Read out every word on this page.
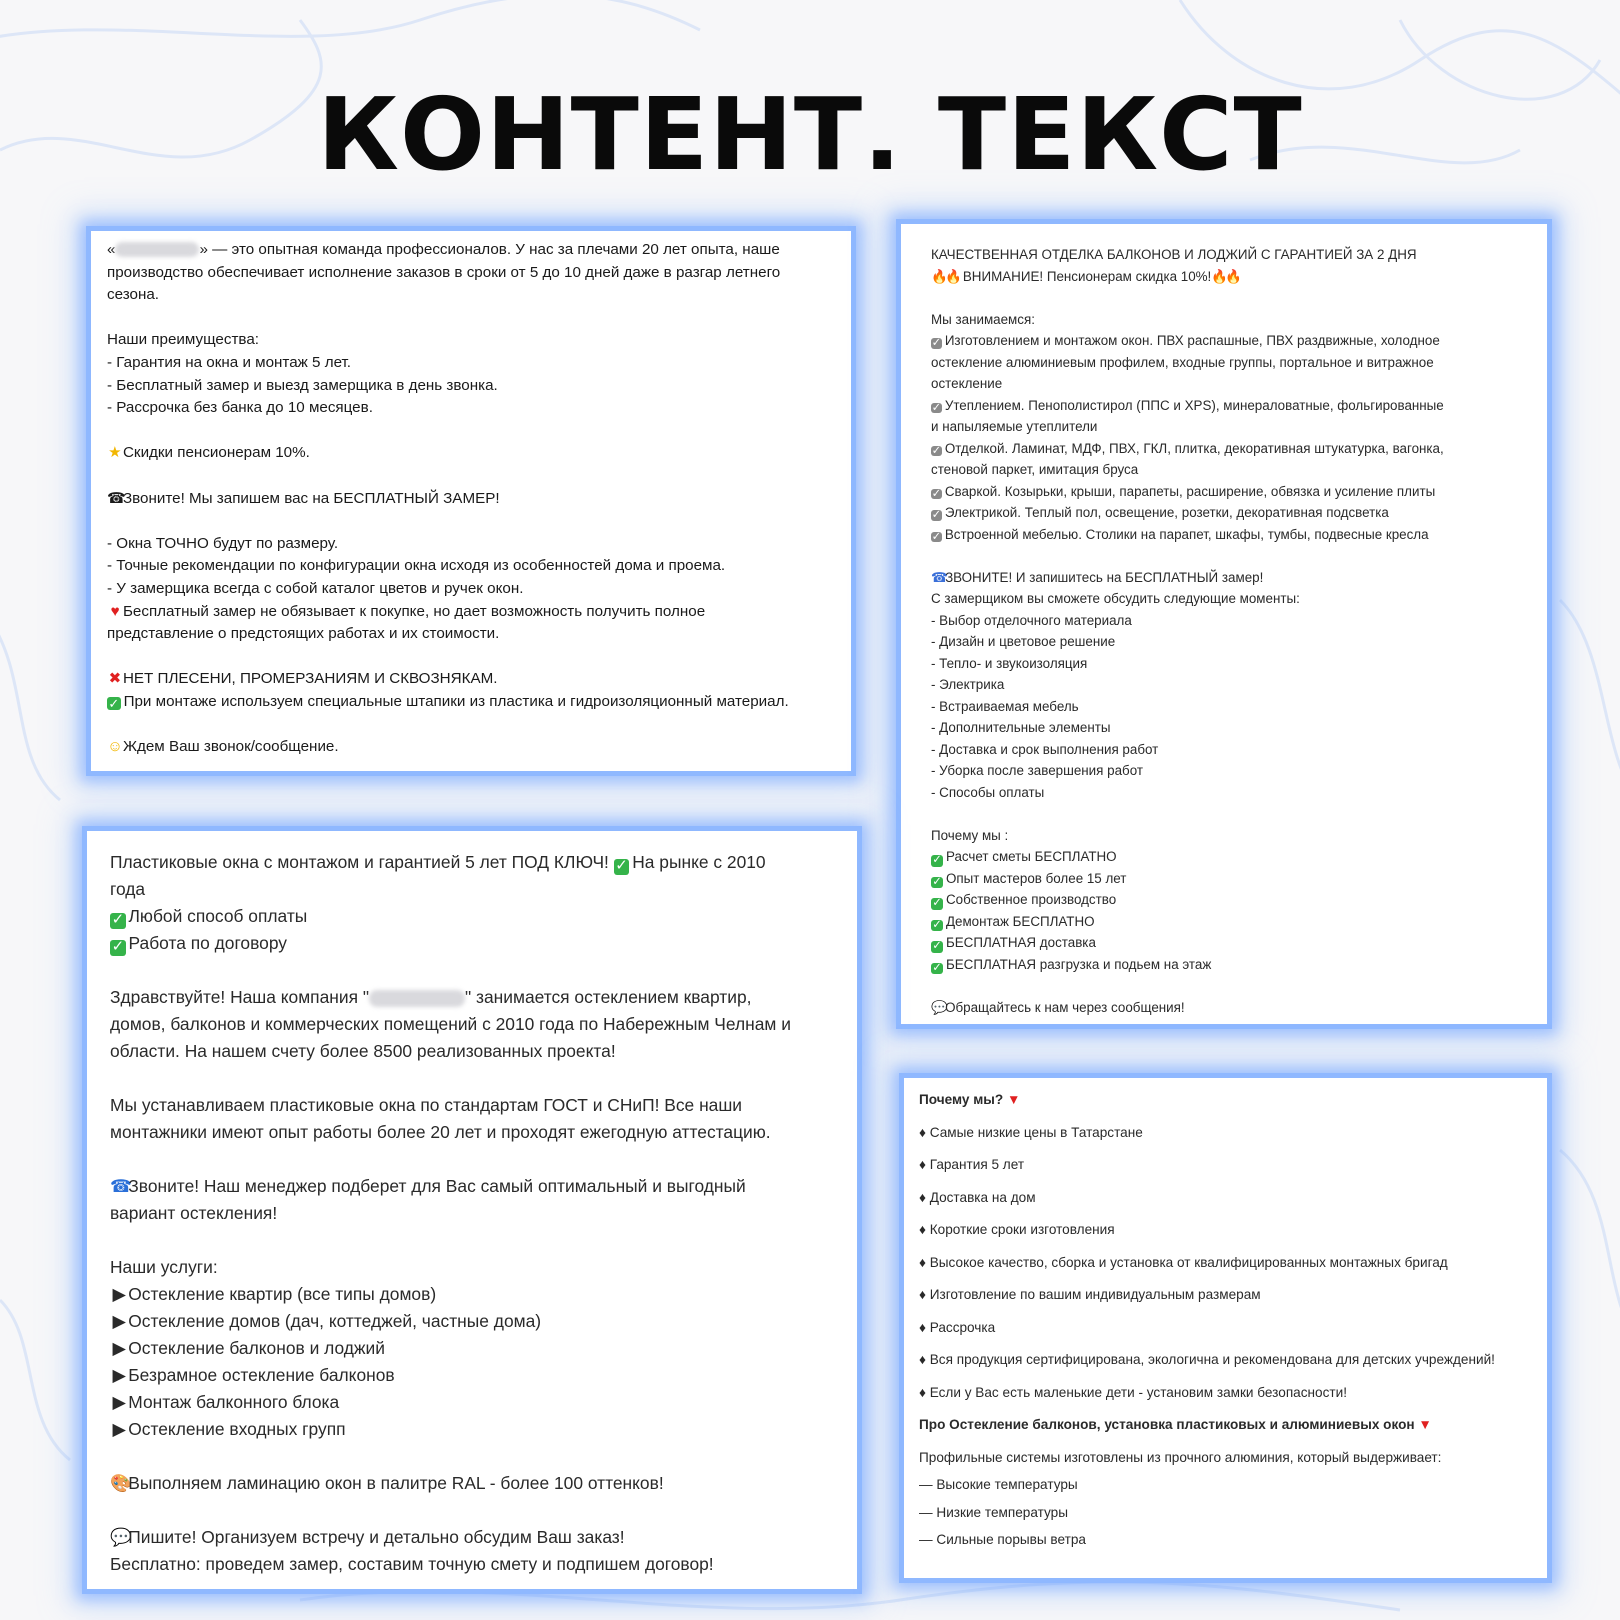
КОНТЕНТ. ТЕКСТ
«	» — это опытная команда профессионалов. У нас за плечами 20 лет опыта, наше
производство обеспечивает исполнение заказов в сроки от 5 до 10 дней даже в разгар летнего
сезона.
Наши преимущества:
- Гарантия на окна и монтаж 5 лет.
- Бесплатный замер и выезд замерщика в день звонка.
- Рассрочка без банка до 10 месяцев.
★Скидки пенсионерам 10%.
☎Звоните! Мы запишем вас на БЕСПЛАТНЫЙ ЗАМЕР!
- Окна ТОЧНО будут по размеру.
- Точные рекомендации по конфигурации окна исходя из особенностей дома и проема.
- У замерщика всегда с собой каталог цветов и ручек окон.
♥ Бесплатный замер не обязывает к покупке, но дает возможность получить полное
представление о предстоящих работах и их стоимости.
✖ НЕТ ПЛЕСЕНИ, ПРОМЕРЗАНИЯМ И СКВОЗНЯКАМ.
✓ При монтаже используем специальные штапики из пластика и гидроизоляционный материал.
☺Ждем Ваш звонок/сообщение.
КАЧЕСТВЕННАЯ ОТДЕЛКА БАЛКОНОВ И ЛОДЖИЙ С ГАРАНТИЕЙ ЗА 2 ДНЯ
🔥🔥 ВНИМАНИЕ! Пенсионерам скидка 10%!🔥🔥
Мы занимаемся:
✓ Изготовлением и монтажом окон. ПВХ распашные, ПВХ раздвижные, холодное
остекление алюминиевым профилем, входные группы, портальное и витражное
остекление
✓ Утеплением. Пенополистирол (ППС и XPS), минераловатные, фольгированные
и напыляемые утеплители
✓ Отделкой. Ламинат, МДФ, ПВХ, ГКЛ, плитка, декоративная штукатурка, вагонка,
стеновой паркет, имитация бруса
✓ Сваркой. Козырьки, крыши, парапеты, расширение, обвязка и усиление плиты
✓ Электрикой. Теплый пол, освещение, розетки, декоративная подсветка
✓ Встроенной мебелью. Столики на парапет, шкафы, тумбы, подвесные кресла
☎ЗВОНИТЕ! И запишитесь на БЕСПЛАТНЫЙ замер!
С замерщиком вы сможете обсудить следующие моменты:
- Выбор отделочного материала
- Дизайн и цветовое решение
- Тепло- и звукоизоляция
- Электрика
- Встраиваемая мебель
- Дополнительные элементы
- Доставка и срок выполнения работ
- Уборка после завершения работ
- Способы оплаты
Почему мы :
✓ Расчет сметы БЕСПЛАТНО
✓ Опыт мастеров более 15 лет
✓ Собственное производство
✓ Демонтаж БЕСПЛАТНО
✓ БЕСПЛАТНАЯ доставка
✓ БЕСПЛАТНАЯ разгрузка и подьем на этаж
💬Обращайтесь к нам через сообщения!
Пластиковые окна с монтажом и гарантией 5 лет ПОД КЛЮЧ! ✓ На рынке с 2010
года
✓ Любой способ оплаты
✓ Работа по договору
Здравствуйте! Наша компания "	" занимается остеклением квартир,
домов, балконов и коммерческих помещений с 2010 года по Набережным Челнам и
области. На нашем счету более 8500 реализованных проекта!
Мы устанавливаем пластиковые окна по стандартам ГОСТ и СНиП! Все наши
монтажники имеют опыт работы более 20 лет и проходят ежегодную аттестацию.
☎Звоните! Наш менеджер подберет для Вас самый оптимальный и выгодный
вариант остекления!
Наши услуги:
▶ Остекление квартир (все типы домов)
▶ Остекление домов (дач, коттеджей, частные дома)
▶ Остекление балконов и лоджий
▶ Безрамное остекление балконов
▶ Монтаж балконного блока
▶ Остекление входных групп
🎨Выполняем ламинацию окон в палитре RAL - более 100 оттенков!
💬Пишите! Организуем встречу и детально обсудим Ваш заказ!
Бесплатно: проведем замер, составим точную смету и подпишем договор!
Почему мы? ▼
♦ Самые низкие цены в Татарстане
♦ Гарантия 5 лет
♦ Доставка на дом
♦ Короткие сроки изготовления
♦ Высокое качество, сборка и установка от квалифицированных монтажных бригад
♦ Изготовление по вашим индивидуальным размерам
♦ Рассрочка
♦ Вся продукция сертифицирована, экологична и рекомендована для детских учреждений!
♦ Если у Вас есть маленькие дети - установим замки безопасности!
Про Остекление балконов, установка пластиковых и алюминиевых окон ▼
Профильные системы изготовлены из прочного алюминия, который выдерживает:
— Высокие температуры
— Низкие температуры
— Сильные порывы ветра
